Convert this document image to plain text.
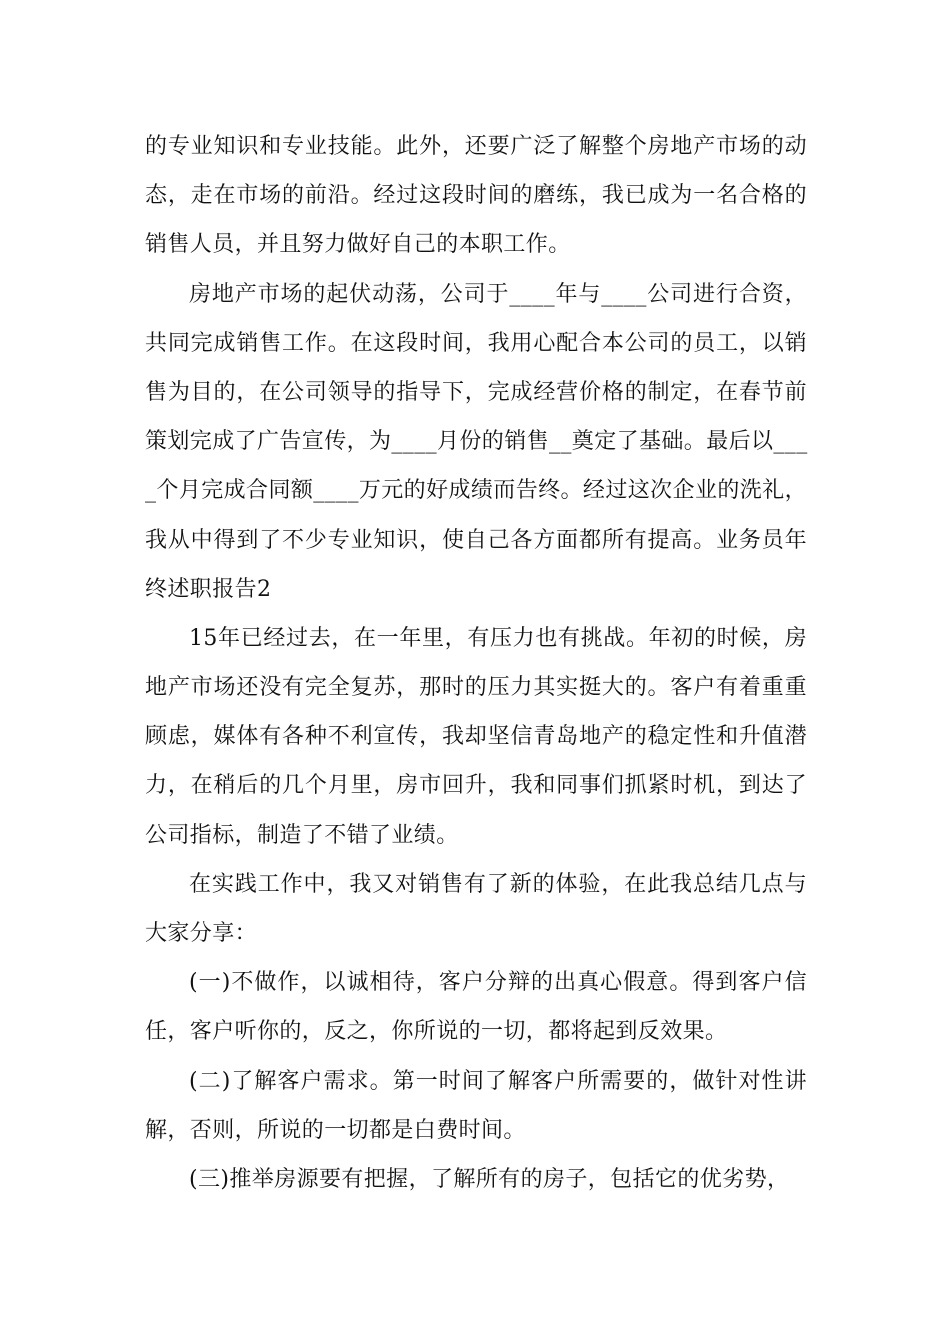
的专业知识和专业技能。此外，还要广泛了解整个房地产市场的动
态，走在市场的前沿。经过这段时间的磨练，我已成为一名合格的
销售人员，并且努力做好自己的本职工作。
房地产市场的起伏动荡，公司于____年与____公司进行合资，
共同完成销售工作。在这段时间，我用心配合本公司的员工，以销
售为目的，在公司领导的指导下，完成经营价格的制定，在春节前
策划完成了广告宣传，为____月份的销售__奠定了基础。最后以___
_个月完成合同额____万元的好成绩而告终。经过这次企业的洗礼，
我从中得到了不少专业知识，使自己各方面都所有提高。业务员年
终述职报告2
15年已经过去，在一年里，有压力也有挑战。年初的时候，房
地产市场还没有完全复苏，那时的压力其实挺大的。客户有着重重
顾虑，媒体有各种不利宣传，我却坚信青岛地产的稳定性和升值潜
力，在稍后的几个月里，房市回升，我和同事们抓紧时机，到达了
公司指标，制造了不错了业绩。
在实践工作中，我又对销售有了新的体验，在此我总结几点与
大家分享：
(一)不做作，以诚相待，客户分辩的出真心假意。得到客户信
任，客户听你的，反之，你所说的一切，都将起到反效果。
(二)了解客户需求。第一时间了解客户所需要的，做针对性讲
解，否则，所说的一切都是白费时间。
(三)推举房源要有把握，了解所有的房子，包括它的优劣势，
